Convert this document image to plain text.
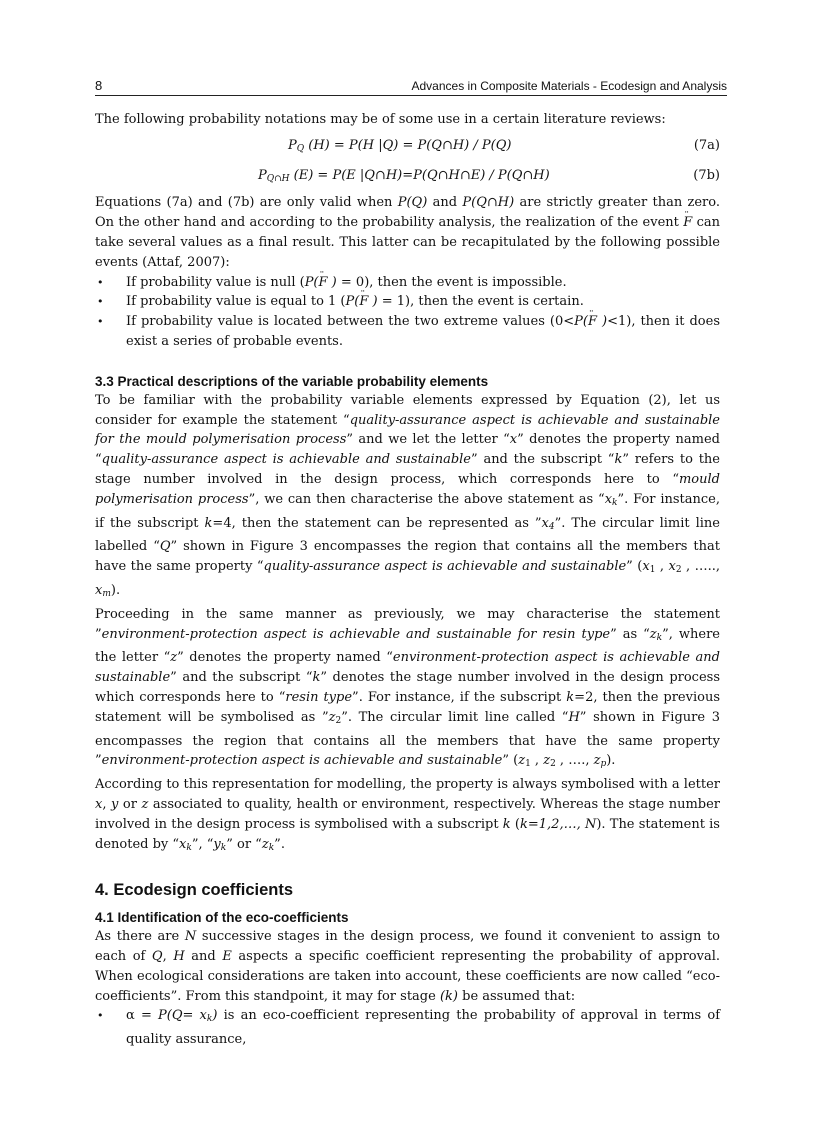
8	Advances in Composite Materials - Ecodesign and Analysis

The following probability notations may be of some use in a certain literature reviews:

$P_Q$ (H) = P(H |Q) = P(Q∩H) / P(Q)	(7a)
$P_{Q\cap H}$ (E) = P(E |Q∩H)=P(Q∩H∩E) / P(Q∩H)	(7b)

Equations (7a) and (7b) are only valid when P(Q) and P(Q∩H) are strictly greater than zero. On the other hand and according to the probability analysis, the realization of the event ·· F can take several values as a final result. This latter can be recapitulated by the following possible events (Attaf, 2007):

• If probability value is null (P(·· F ) = 0), then the event is impossible.
• If probability value is equal to 1 (P(·· F ) = 1), then the event is certain.
• If probability value is located between the two extreme values (0<P(·· F )<1), then it does exist a series of probable events.
3.3 Practical descriptions of the variable probability elements

To be familiar with the probability variable elements expressed by Equation (2), let us consider for example the statement “quality-assurance aspect is achievable and sustainable for the mould polymerisation process” and we let the letter “x” denotes the property named “quality-assurance aspect is achievable and sustainable” and the subscript “k” refers to the stage number involved in the design process, which corresponds here to “mould polymerisation process”, we can then characterise the above statement as “$x_k$”. For instance, if the subscript k=4, then the statement can be represented as $”x_4$”. The circular limit line labelled “Q” shown in Figure 3 encompasses the region that contains all the members that have the same property “quality-assurance aspect is achievable and sustainable” (x1 , x2 , ….., $x_m$).

Proceeding in the same manner as previously, we may characterise the statement ”environment-protection aspect is achievable and sustainable for resin type” as “$z_k$”, where the letter “z” denotes the property named “environment-protection aspect is achievable and sustainable” and the subscript “k” denotes the stage number involved in the design process which corresponds here to “resin type”. For instance, if the subscript k=2, then the previous statement will be symbolised as ”z2”. The circular limit line called “H” shown in Figure 3 encompasses the region that contains all the members that have the same property ”environment-protection aspect is achievable and sustainable” (z1 , z2 , …., $z_p$).

According to this representation for modelling, the property is always symbolised with a letter x, y or z associated to quality, health or environment, respectively. Whereas the stage number involved in the design process is symbolised with a subscript k (k=1,2,…, N). The statement is denoted by “$x_k$”, “$y_k$” or “$z_k$”.

4. Ecodesign coefficients
4.1 Identification of the eco-coefficients

As there are N successive stages in the design process, we found it convenient to assign to each of Q, H and E aspects a specific coefficient representing the probability of approval. When ecological considerations are taken into account, these coefficients are now called “eco-coefficients”. From this standpoint, it may for stage (k) be assumed that:

• $\alpha = P(Q= x_k)$ is an eco-coefficient representing the probability of approval in terms of quality assurance,
